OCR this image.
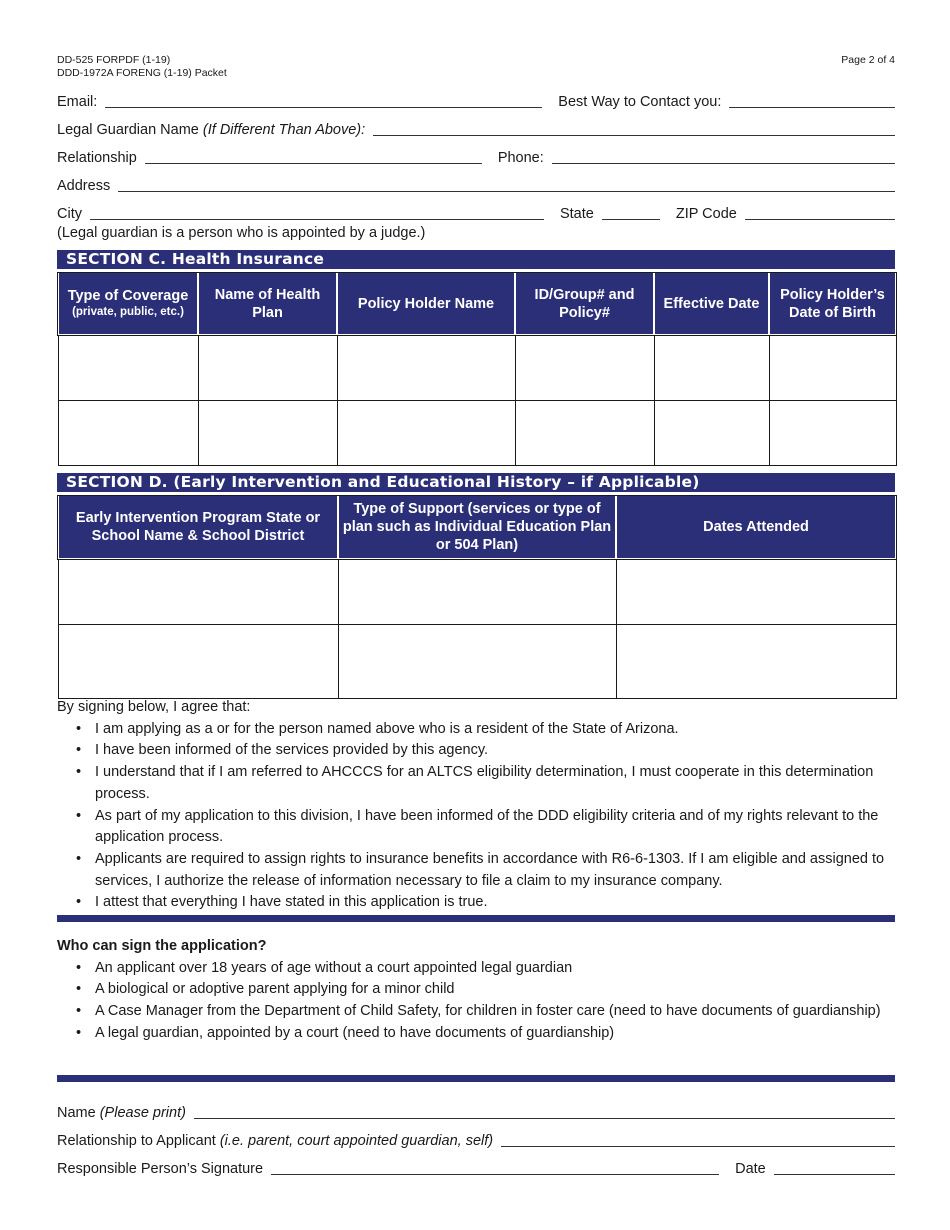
DD-525 FORPDF (1-19)
DDD-1972A FORENG (1-19) Packet
Page 2 of 4
Email:	Best Way to Contact you:
Legal Guardian Name (If Different Than Above):
Relationship	Phone:
Address
City	State	ZIP Code
(Legal guardian is a person who is appointed by a judge.)
SECTION C. Health Insurance
Type of Coverage
(private, public, etc.)	Name of Health Plan	Policy Holder Name	ID/Group# and Policy#	Effective Date	Policy Holder’s Date of Birth

SECTION D. (Early Intervention and Educational History – if Applicable)
Early Intervention Program State or School Name & School District	Type of Support (services or type of plan such as Individual Education Plan or 504 Plan)	Dates Attended

By signing below, I agree that:
• I am applying as a or for the person named above who is a resident of the State of Arizona.
• I have been informed of the services provided by this agency.
• I understand that if I am referred to AHCCCS for an ALTCS eligibility determination, I must cooperate in this determination process.
• As part of my application to this division, I have been informed of the DDD eligibility criteria and of my rights relevant to the application process.
• Applicants are required to assign rights to insurance benefits in accordance with R6-6-1303. If I am eligible and assigned to services, I authorize the release of information necessary to file a claim to my insurance company.
• I attest that everything I have stated in this application is true.
Who can sign the application?
• An applicant over 18 years of age without a court appointed legal guardian
• A biological or adoptive parent applying for a minor child
• A Case Manager from the Department of Child Safety, for children in foster care (need to have documents of guardianship)
• A legal guardian, appointed by a court (need to have documents of guardianship)
Name (Please print)
Relationship to Applicant (i.e. parent, court appointed guardian, self)
Responsible Person’s Signature	Date
